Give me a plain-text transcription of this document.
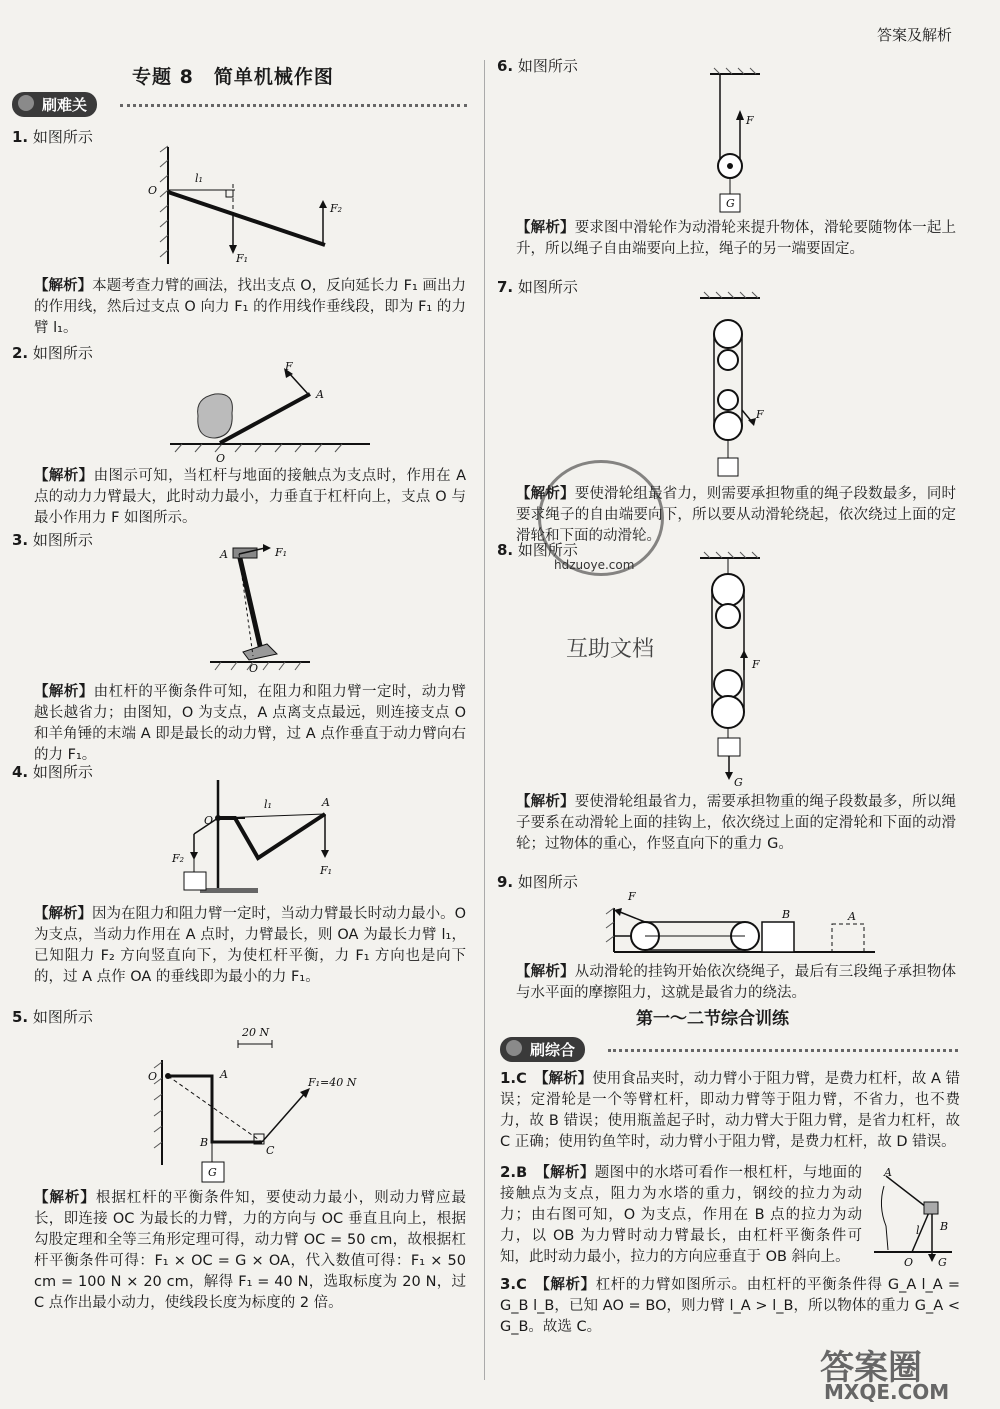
答案及解析
专题 8　简单机械作图
刷难关
1. 如图所示
O
l₁
F₁
F₂
【解析】本题考查力臂的画法，找出支点 O，反向延长力 F₁ 画出力的作用线，然后过支点 O 向力 F₁ 的作用线作垂线段，即为 F₁ 的力臂 l₁。
2. 如图所示
F
A
O
【解析】由图示可知，当杠杆与地面的接触点为支点时，作用在 A 点的动力力臂最大，此时动力最小，力垂直于杠杆向上，支点 O 与最小作用力 F 如图所示。
3. 如图所示
A	F₁
O
【解析】由杠杆的平衡条件可知，在阻力和阻力臂一定时，动力臂越长越省力；由图知，O 为支点，A 点离支点最远，则连接支点 O 和羊角锤的末端 A 即是最长的动力臂，过 A 点作垂直于动力臂向右的力 F₁。
4. 如图所示
l₁	A
O
F₁
F₂
【解析】因为在阻力和阻力臂一定时，当动力臂最长时动力最小。O 为支点，当动力作用在 A 点时，力臂最长，则 OA 为最长力臂 l₁，已知阻力 F₂ 方向竖直向下，为使杠杆平衡，力 F₁ 方向也是向下的，过 A 点作 OA 的垂线即为最小的力 F₁。
5. 如图所示
20 N
O	A
F₁=40 N
B
C
G
【解析】根据杠杆的平衡条件知，要使动力最小，则动力臂应最长，即连接 OC 为最长的力臂，力的方向与 OC 垂直且向上，根据勾股定理和全等三角形定理可得，动力臂 OC = 50 cm，故根据杠杆平衡条件可得：F₁ × OC = G × OA，代入数值可得：F₁ × 50 cm = 100 N × 20 cm，解得 F₁ = 40 N，选取标度为 20 N，过 C 点作出最小动力，使线段长度为标度的 2 倍。
6. 如图所示
F
G
【解析】要求图中滑轮作为动滑轮来提升物体，滑轮要随物体一起上升，所以绳子自由端要向上拉，绳子的另一端要固定。
7. 如图所示
F
【解析】要使滑轮组最省力，则需要承担物重的绳子段数最多，同时要求绳子的自由端要向下，所以要从动滑轮绕起，依次绕过上面的定滑轮和下面的动滑轮。
8. 如图所示
F
G
【解析】要使滑轮组最省力，需要承担物重的绳子段数最多，所以绳子要系在动滑轮上面的挂钩上，依次绕过上面的定滑轮和下面的动滑轮；过物体的重心，作竖直向下的重力 G。
9. 如图所示
F
B	A
【解析】从动滑轮的挂钩开始依次绕绳子，最后有三段绳子承担物体与水平面的摩擦阻力，这就是最省力的绕法。
第一～二节综合训练
刷综合
1.C　 【解析】使用食品夹时，动力臂小于阻力臂，是费力杠杆，故 A 错误；定滑轮是一个等臂杠杆，即动力臂等于阻力臂，不省力，也不费力，故 B 错误；使用瓶盖起子时，动力臂大于阻力臂，是省力杠杆，故 C 正确；使用钓鱼竿时，动力臂小于阻力臂，是费力杠杆，故 D 错误。
2.B　 【解析】题图中的水塔可看作一根杠杆，与地面的接触点为支点，阻力为水塔的重力，钢绞的拉力为动力；由右图可知，O 为支点，作用在 B 点的拉力为动力，以 OB 为力臂时动力臂最长，由杠杆平衡条件可知，此时动力最小，拉力的方向应垂直于 OB 斜向上。
A
B
l
O G
3.C　 【解析】杠杆的力臂如图所示。由杠杆的平衡条件得 G_A l_A = G_B l_B，已知 AO = BO，则力臂 l_A > l_B，所以物体的重力 G_A < G_B。故选 C。
hdzuoye.com
互助文档
答案圈
MXQE.COM
